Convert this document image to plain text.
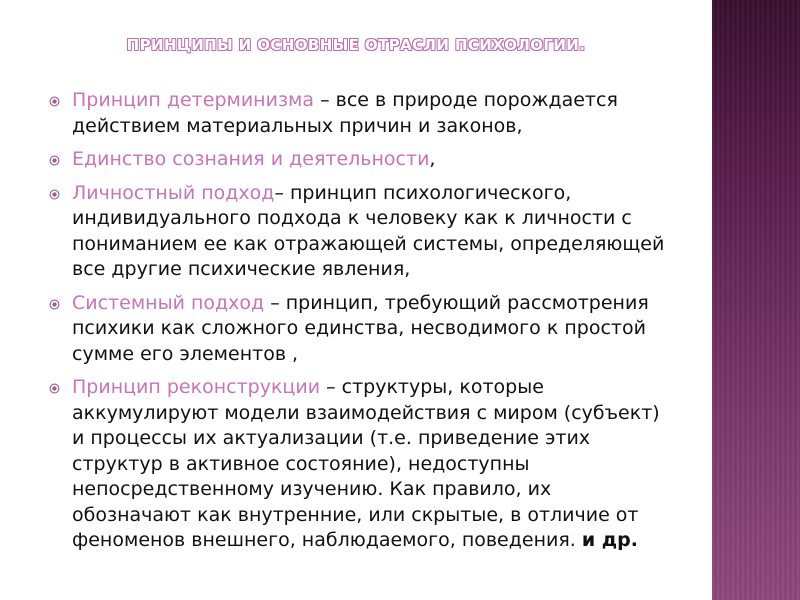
ПРИНЦИПЫ И ОСНОВНЫЕ ОТРАСЛИ ПСИХОЛОГИИ.
Принцип детерминизма – все в природе порождается действием материальных причин и законов,
Единство сознания и деятельности,
Личностный подход– принцип психологического, индивидуального подхода к человеку как к личности с пониманием ее как отражающей системы, определяющей все другие психические явления,
Системный подход – принцип, требующий рассмотрения психики как сложного единства, несводимого к простой сумме его элементов ,
Принцип реконструкции – структуры, которые аккумулируют модели взаимодействия с миром (субъект) и процессы их актуализации (т.е. приведение этих структур в активное состояние), недоступны непосредственному изучению. Как правило, их обозначают как внутренние, или скрытые, в отличие от феноменов внешнего, наблюдаемого, поведения. и др.
